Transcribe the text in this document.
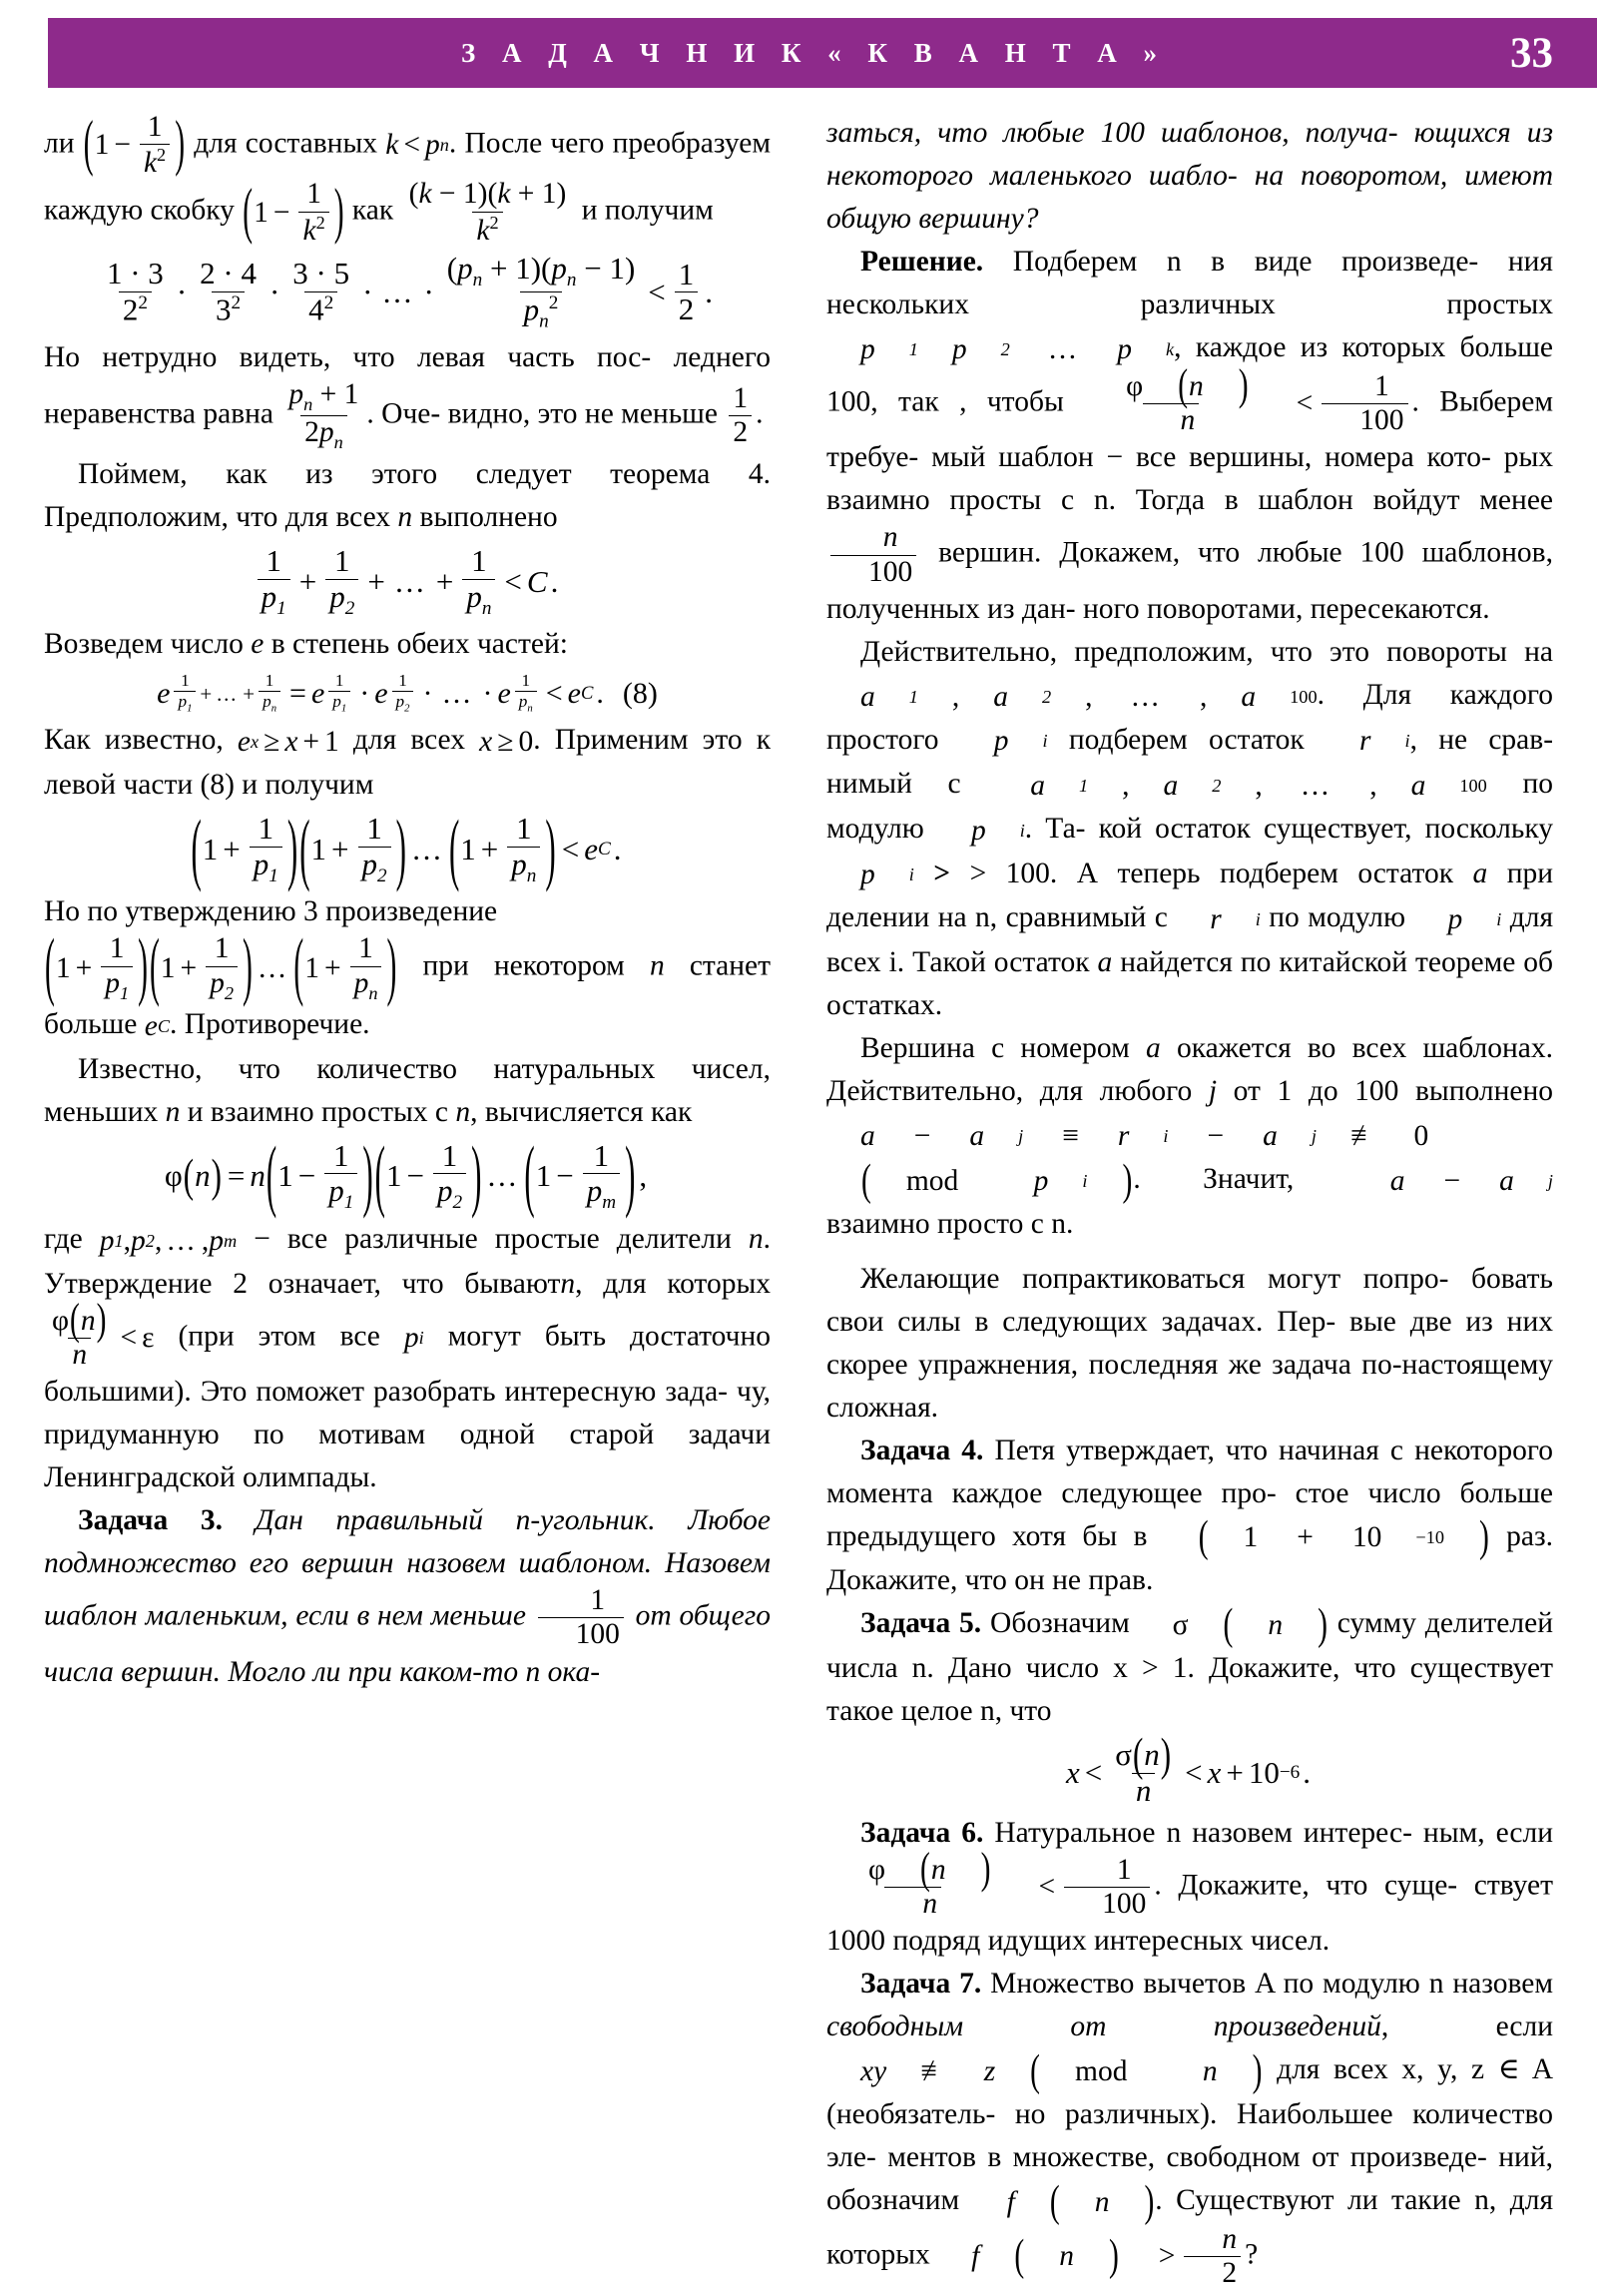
З А Д А Ч Н И К « К В А Н Т А »	33

ли ( $1 - \frac{1}{k^2}$ ) для составных k < p n . После чего преобразуем каждую скобку ( $1 - \frac{1}{k^2}$ ) как $\frac{(k - 1)(k + 1)}{k^2}$ и получим

$\frac{1 \cdot 3}{2^2} \cdot \frac{2 \cdot 4}{3^2} \cdot \frac{3 \cdot 5}{4^2}$ · … · $\frac{(p_n + 1)(p_n - 1)}{p_n^2} < \frac{1}{2}$ .

Но нетрудно видеть, что левая часть пос- леднего неравенства равна $\frac{p_n + 1}{2p_n}$ . Оче- видно, это не меньше $\frac{1}{2}$ .

Поймем, как из этого следует теорема 4. Предположим, что для всех n выполнено

$\frac{1}{p_1} + \frac{1}{p_2}$ + … + $\frac{1}{p_n} < C$ .

Возведем число e в степень обеих частей:

e $\frac{1}{p_1}$ + … + $\frac{1}{p_n} = e \frac{1}{p_1} \cdot e \frac{1}{p_2}$ · … · e $\frac{1}{p_n} < e$ C . (8)

Как известно, e x ≥ x + 1 для всех x ≥ 0. Применим это к левой части (8) и получим

( $1 + \frac{1}{p_1}$ ) ( $1 + \frac{1}{p_2}$ ) … ( $1 + \frac{1}{p_n}$ ) < e C .

Но по утверждению 3 произведение

( $1 + \frac{1}{p_1}$ ) ( $1 + \frac{1}{p_2}$ ) … ( $1 + \frac{1}{p_n}$ ) при некотором n станет больше e C . Противоречие.

Известно, что количество натуральных чисел, меньших n и взаимно простых с n, вычисляется как

φ ( n ) = n ( $1 - \frac{1}{p_1}$ ) ( $1 - \frac{1}{p_2}$ ) … ( $1 - \frac{1}{p_m}$ ) ,

где p 1 , p 2 , … , p m − все различные простые делители n. Утверждение 2 означает, что бываютn, для которых
$\frac{\varphi(n)}{n} < \varepsilon$ (при этом все p i могут быть достаточно большими). Это поможет разобрать интересную зада- чу, придуманную по мотивам одной старой задачи Ленинградской олимпады.

Задача 3. Дан правильный n-угольник. Любое подмножество его вершин назовем шаблоном. Назовем шаблон маленьким, если в нем меньше $\frac{1}{100}$ от общего числа вершин. Могло ли при каком-то n ока-

заться, что любые 100 шаблонов, получа- ющихся из некоторого маленького шабло- на поворотом, имеют общую вершину?

Решение. Подберем n в виде произведе- ния нескольких различных простых
p	1	p	2	…	p	k , каждое из которых больше 100, так , чтобы $\frac{\varphi (n )}{n}$	< $\frac{1}{100}$ . Выберем требуе- мый шаблон − все вершины, номера кото- рых взаимно просты с n. Тогда в шаблон войдут менее
$\frac{n}{100}$ вершин. Докажем, что любые 100 шаблонов, полученных из дан- ного поворотами, пересекаются.

Действительно, предположим, что это повороты на
a	1 ,	a	2 ,	… ,	a	100 . Для каждого простого	p	i подберем остаток	r	i , не срав- нимый с	a	1 ,	a	2 ,	… ,	a	100 по модулю	p	i . Та- кой остаток существует, поскольку
p	i > > 100. А теперь подберем остаток a при делении на n, сравнимый с	r	i по модулю	p	i для всех i. Такой остаток a найдется по китайской теореме об остатках.

Вершина с номером a окажется во всех шаблонах. Действительно, для любого j от 1 до 100 выполнено
a	−	a	j	≡	r	i	−	a	j	≢ 0
(	mod
	p	i	) . Значит,	a	−	a	j
взаимно просто с n.

Желающие попрактиковаться могут попро- бовать свои силы в следующих задачах. Пер- вые две из них скорее упражнения, последняя же задача по-настоящему сложная.

Задача 4. Петя утверждает, что начиная с некоторого момента каждое следующее про- стое число больше предыдущего хотя бы в	( 1	+ 10	−10	) раз. Докажите, что он не прав.

Задача 5. Обозначим	σ	(	n	) сумму делителей числа n. Дано число x > 1. Докажите, что существует такое целое n, что

$x < \frac{\sigma(n)}{n} < x + 10 -6$ .

Задача 6. Натуральное n назовем интерес- ным, если
$\frac{\varphi (n )}{n}$	< $\frac{1}{100}$ . Докажите, что суще- ствует 1000 подряд идущих интересных чисел.

Задача 7. Множество вычетов A по модулю n назовем свободным от произведений, если
xy	≢	z	(	mod
	n	) для всех x, y, z ∈ A (необязатель- но различных). Наибольшее количество эле- ментов в множестве, свободном от произведе- ний, обозначим	f	(	n	) . Существуют ли такие n, для которых	f	(	n	)	> $\frac{n}{2}$ ?
